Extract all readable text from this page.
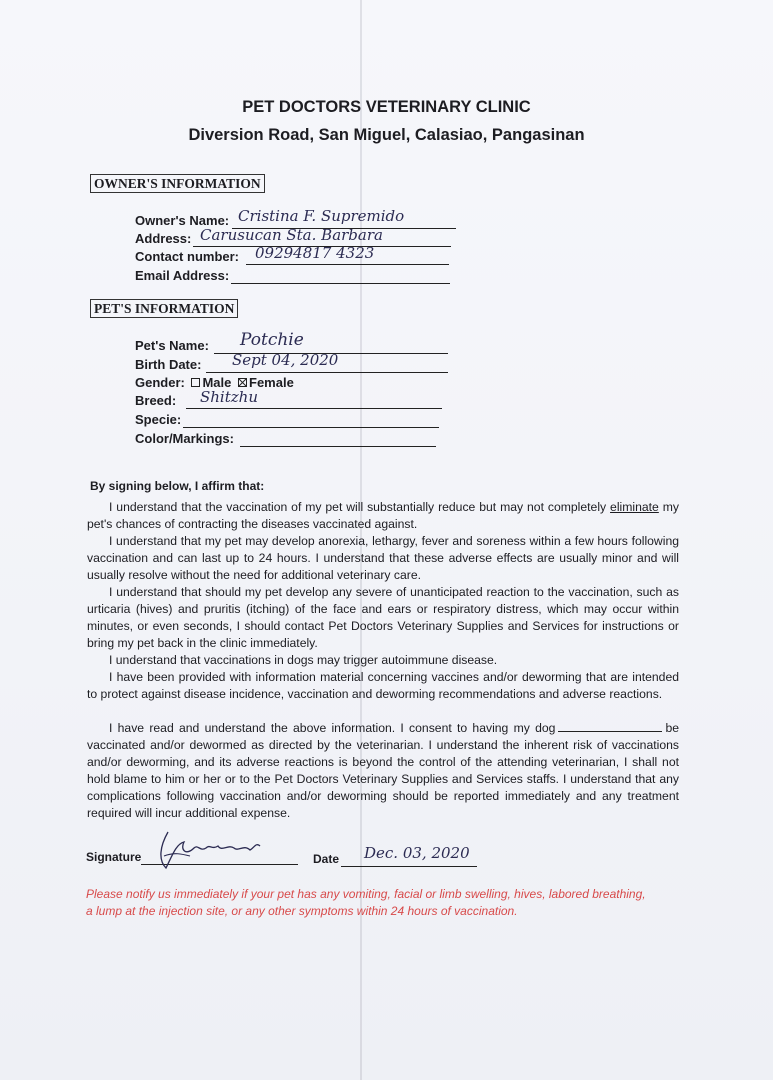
PET DOCTORS VETERINARY CLINIC
Diversion Road, San Miguel, Calasiao, Pangasinan
OWNER'S INFORMATION
Owner's Name: Cristina F. Supremido
Address: Carusucan Sta. Barbara
Contact number: 09294817 4323
Email Address:
PET'S INFORMATION
Pet's Name: Potchie
Birth Date: Sept 04, 2020
Gender: Male Female
Breed: Shitzhu
Specie:
Color/Markings:
By signing below, I affirm that:
I understand that the vaccination of my pet will substantially reduce but may not completely eliminate my pet's chances of contracting the diseases vaccinated against.
I understand that my pet may develop anorexia, lethargy, fever and soreness within a few hours following vaccination and can last up to 24 hours. I understand that these adverse effects are usually minor and will usually resolve without the need for additional veterinary care.
I understand that should my pet develop any severe of unanticipated reaction to the vaccination, such as urticaria (hives) and pruritis (itching) of the face and ears or respiratory distress, which may occur within minutes, or even seconds, I should contact Pet Doctors Veterinary Supplies and Services for instructions or bring my pet back in the clinic immediately.
I understand that vaccinations in dogs may trigger autoimmune disease.
I have been provided with information material concerning vaccines and/or deworming that are intended to protect against disease incidence, vaccination and deworming recommendations and adverse reactions.
I have read and understand the above information. I consent to having my dog	be vaccinated and/or dewormed as directed by the veterinarian. I understand the inherent risk of vaccinations and/or deworming, and its adverse reactions is beyond the control of the attending veterinarian, I shall not hold blame to him or her or to the Pet Doctors Veterinary Supplies and Services staffs. I understand that any complications following vaccination and/or deworming should be reported immediately and any treatment required will incur additional expense.
Signature	Date Dec. 03, 2020
Please notify us immediately if your pet has any vomiting, facial or limb swelling, hives, labored breathing, a lump at the injection site, or any other symptoms within 24 hours of vaccination.
